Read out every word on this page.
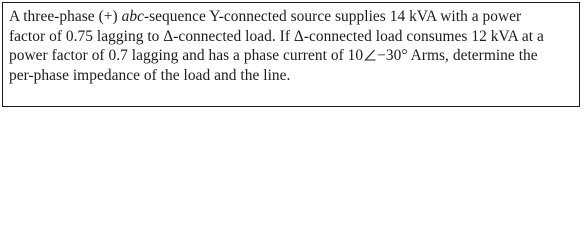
A three-phase (+) abc-sequence Y-connected source supplies 14 kVA with a power
factor of 0.75 lagging to Δ-connected load. If Δ-connected load consumes 12 kVA at a
power factor of 0.7 lagging and has a phase current of 10 −30° Arms, determine the
per-phase impedance of the load and the line.
